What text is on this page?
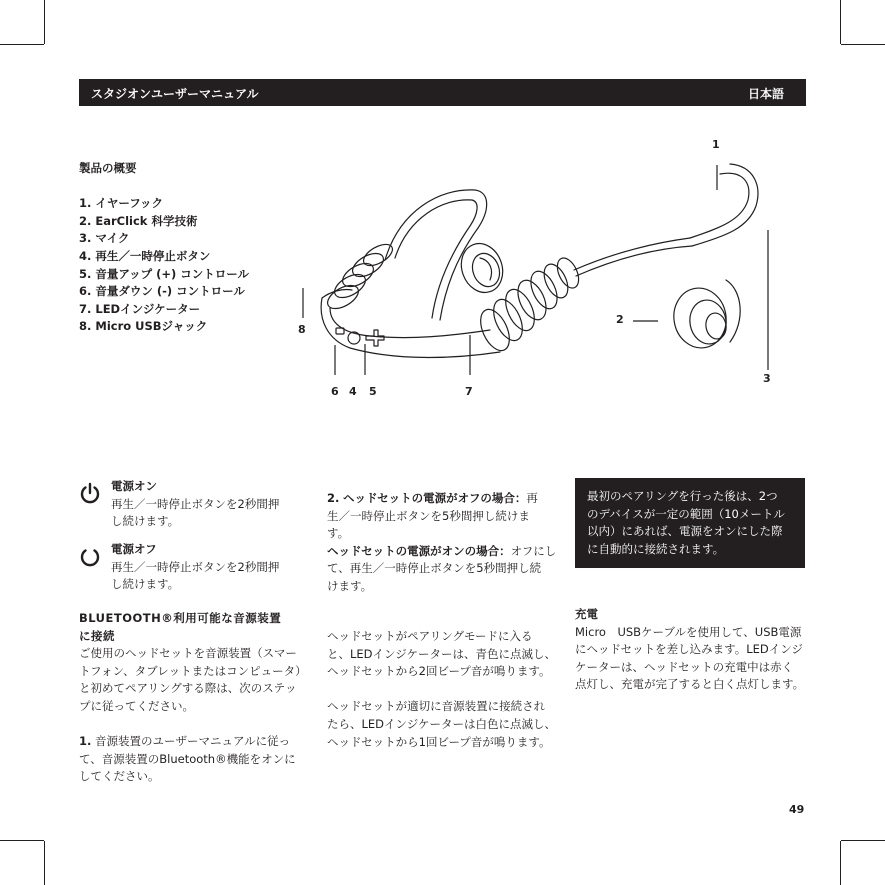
スタジオンユーザーマニュアル	日本語
製品の概要
1. イヤーフック
2. EarClick 科学技術
3. マイク
4. 再生／一時停止ボタン
5. 音量アップ (+) コントロール
6. 音量ダウン (-) コントロール
7. LEDインジケーター
8. Micro USBジャック
1
2
3
4 5
6	7
8
電源オン
再生／一時停止ボタンを2秒間押
し続けます。
電源オフ
再生／一時停止ボタンを2秒間押
し続けます。
BLUETOOTH®利用可能な音源装置
に接続
ご使用のヘッドセットを音源装置（スマー
トフォン、タブレットまたはコンピュータ）
と初めてペアリングする際は、次のステッ
プに従ってください。
1. 音源装置のユーザーマニュアルに従っ
て、音源装置のBluetooth®機能をオンに
してください。
2. ヘッドセットの電源がオフの場合：再
生／一時停止ボタンを5秒間押し続けま
す。
ヘッドセットの電源がオンの場合：オフにし
て、再生／一時停止ボタンを5秒間押し続
けます。
ヘッドセットがペアリングモードに入る
と、LEDインジケーターは、青色に点滅し、
ヘッドセットから2回ビープ音が鳴ります。
ヘッドセットが適切に音源装置に接続され
たら、LEDインジケーターは白色に点滅し、
ヘッドセットから1回ビープ音が鳴ります。
最初のペアリングを行った後は、2つ
のデバイスが一定の範囲（10メートル
以内）にあれば、電源をオンにした際
に自動的に接続されます。
充電
Micro　USBケーブルを使用して、USB電源
にヘッドセットを差し込みます。LEDインジ
ケーターは、ヘッドセットの充電中は赤く
点灯し、充電が完了すると白く点灯します。
49
